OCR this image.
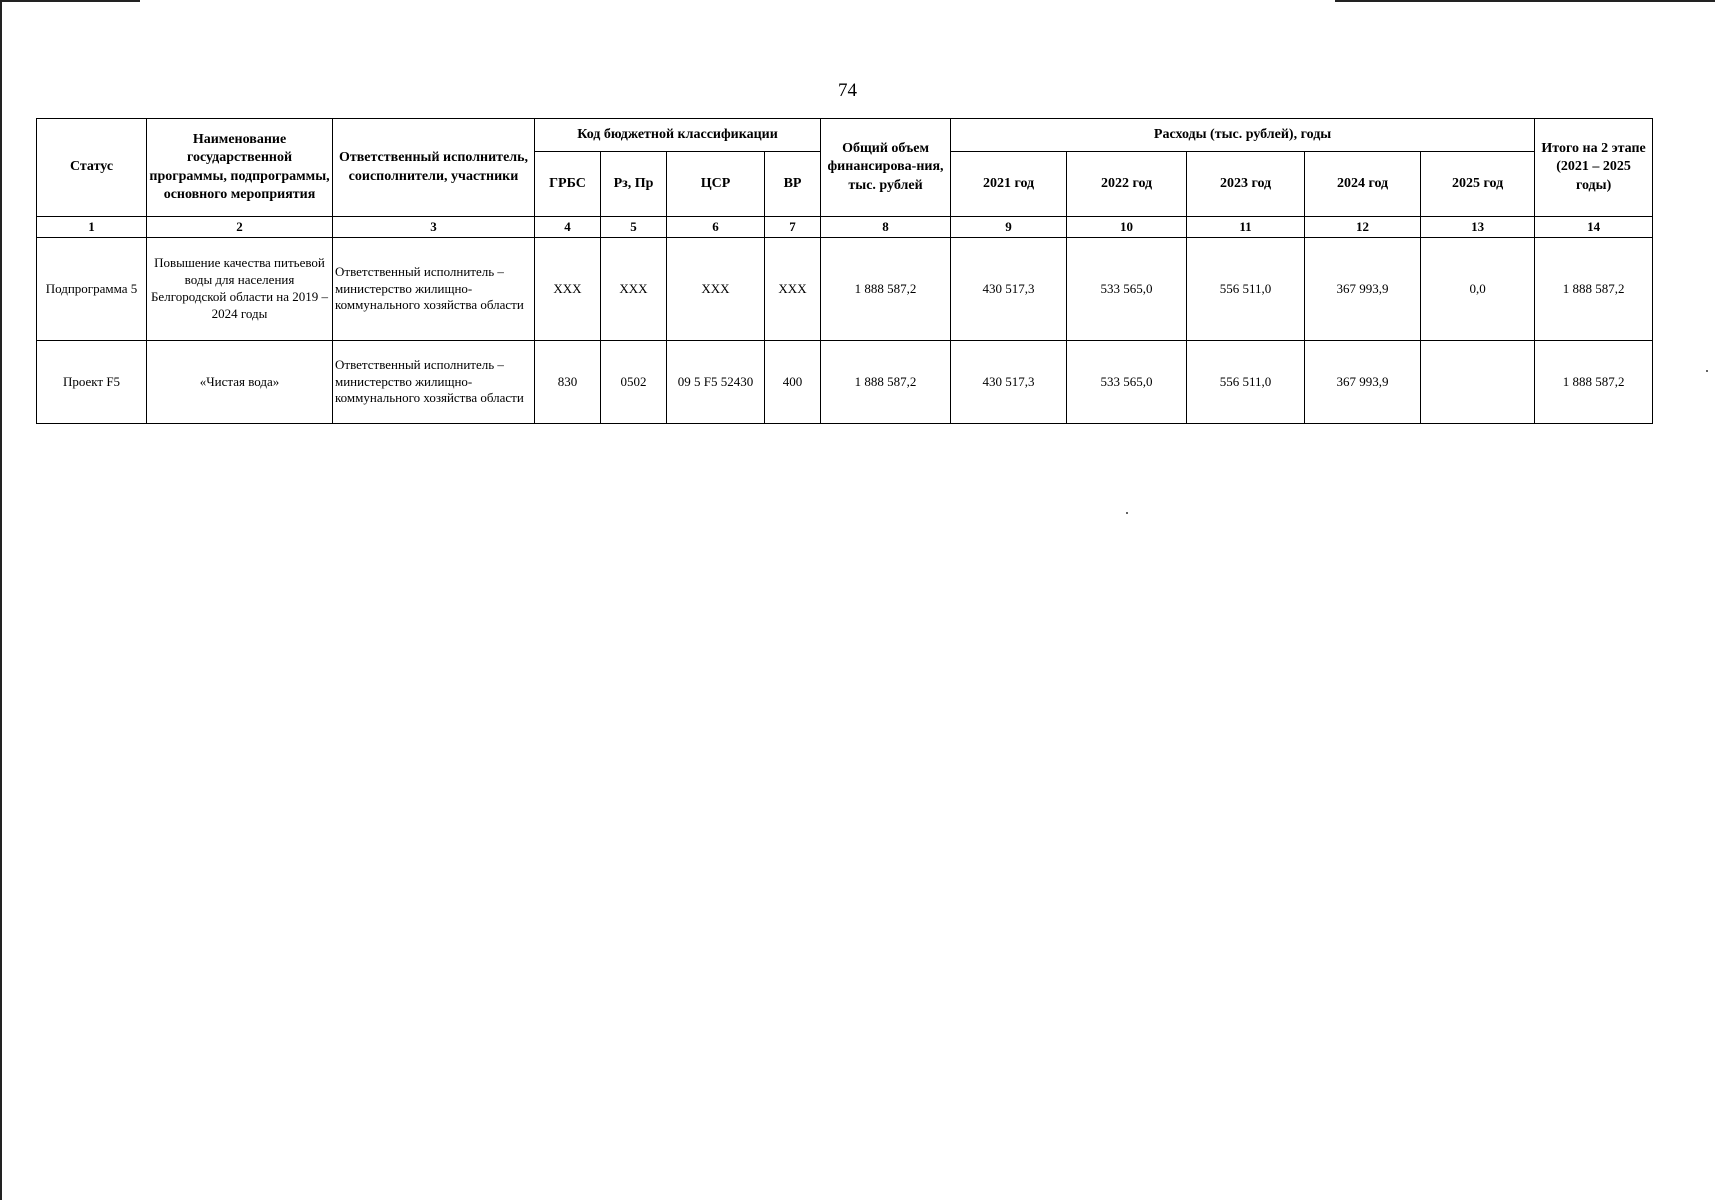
74
Статус	Наименование государственной программы, подпрограммы, основного мероприятия	Ответственный исполнитель, соисполнители, участники	Код бюджетной классификации				Общий объем финансирова-ния, тыс. рублей	Расходы (тыс. рублей), годы					Итого на 2 этапе (2021 – 2025 годы)
			ГРБС	Рз, Пр	ЦСР	ВР		2021 год	2022 год	2023 год	2024 год	2025 год	
1	2	3	4	5	6	7	8	9	10	11	12	13	14
Подпрограмма 5	Повышение качества питьевой воды для населения Белгородской области на 2019 – 2024 годы	Ответственный исполнитель – министерство жилищно-коммунального хозяйства области	ХХХ	ХХХ	ХХХ	ХХХ	1 888 587,2	430 517,3	533 565,0	556 511,0	367 993,9	0,0	1 888 587,2
Проект F5	«Чистая вода»	Ответственный исполнитель – министерство жилищно-коммунального хозяйства области	830	0502	09 5 F5 52430	400	1 888 587,2	430 517,3	533 565,0	556 511,0	367 993,9		1 888 587,2
